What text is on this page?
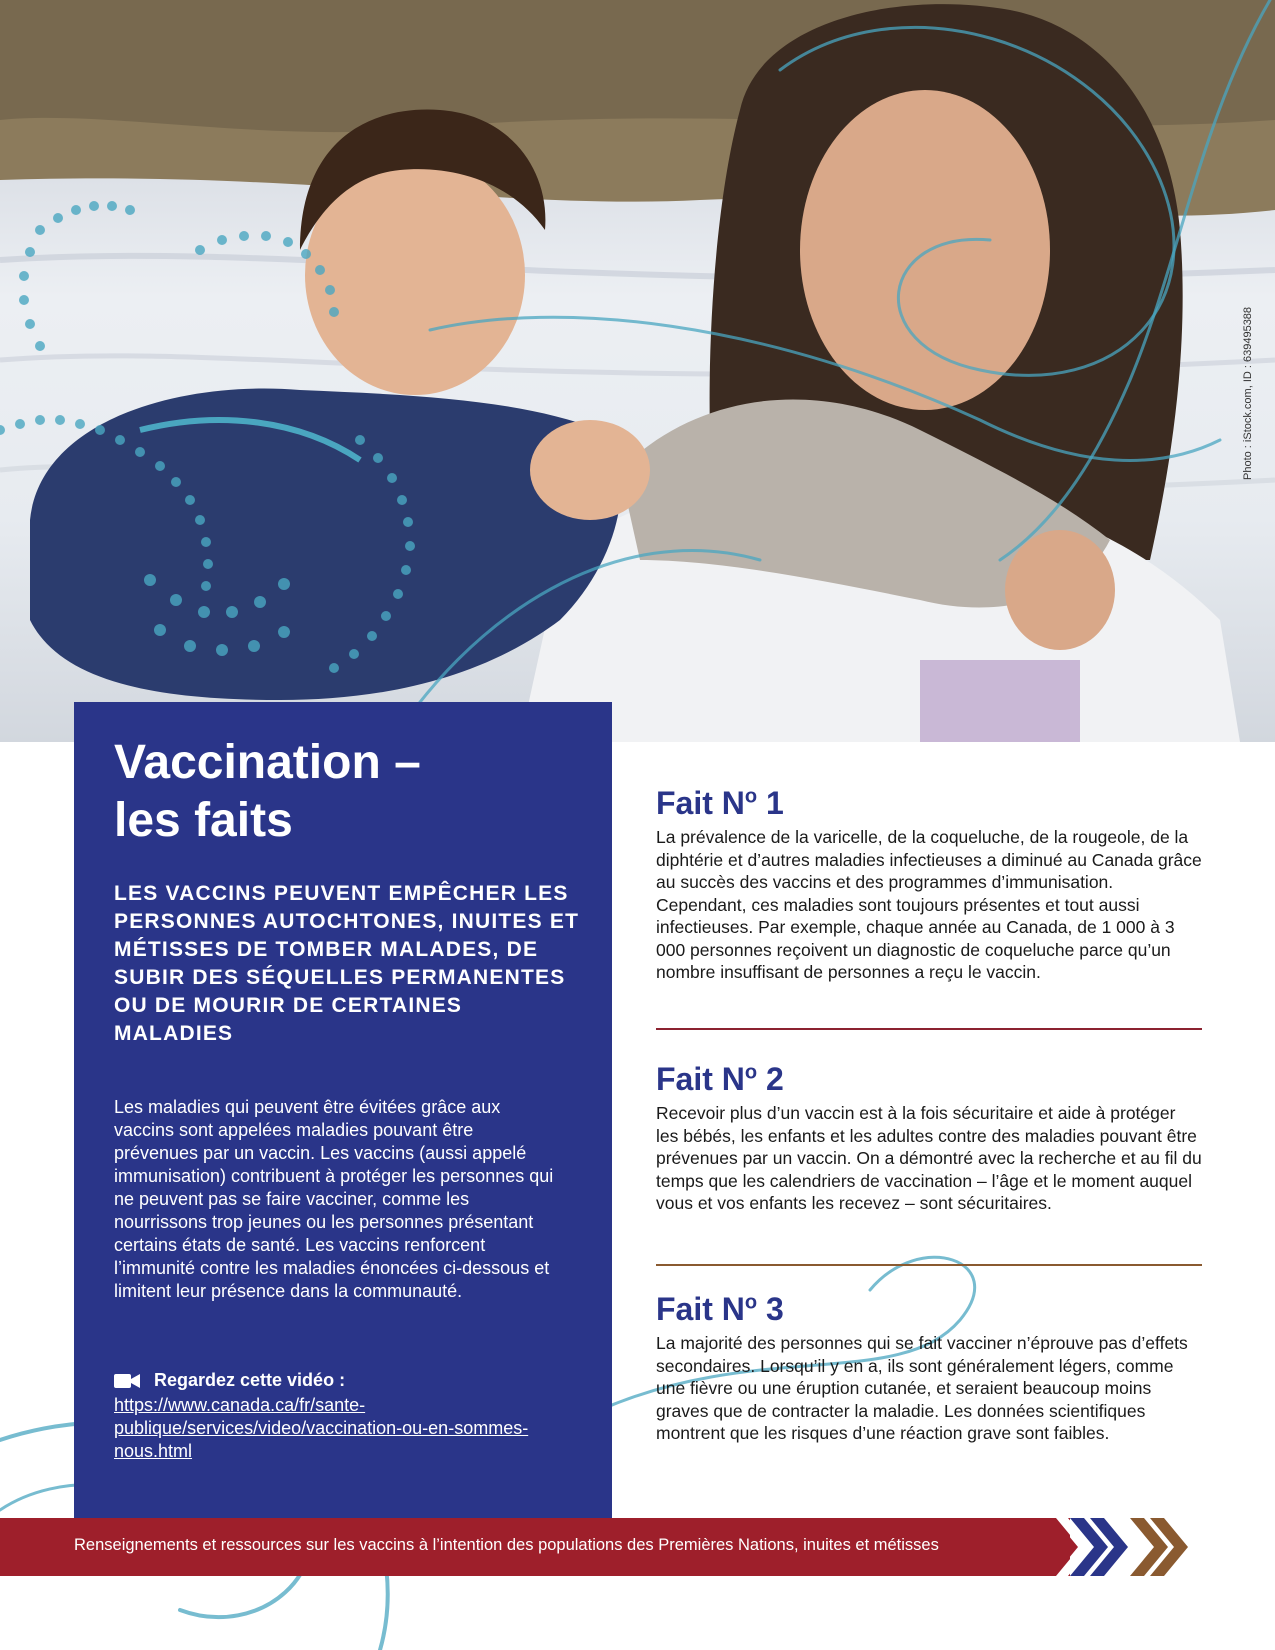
Photo : iStock.com, ID : 639495388
Vaccination –
les faits

LES VACCINS PEUVENT EMPÊCHER LES PERSONNES AUTOCHTONES, INUITES ET MÉTISSES DE TOMBER MALADES, DE SUBIR DES SÉQUELLES PERMANENTES OU DE MOURIR DE CERTAINES MALADIES

Les maladies qui peuvent être évitées grâce aux vaccins sont appelées maladies pouvant être prévenues par un vaccin. Les vaccins (aussi appelé immunisation) contribuent à protéger les personnes qui ne peuvent pas se faire vacciner, comme les nourrissons trop jeunes ou les personnes présentant certains états de santé. Les vaccins renforcent l’immunité contre les maladies énoncées ci-dessous et limitent leur présence dans la communauté.

Regardez cette vidéo :
https://www.canada.ca/fr/sante-publique/services/video/vaccination-ou-en-sommes-nous.html
Fait $N^o$ 1

La prévalence de la varicelle, de la coqueluche, de la rougeole, de la diphtérie et d’autres maladies infectieuses a diminué au Canada grâce au succès des vaccins et des programmes d’immunisation. Cependant, ces maladies sont toujours présentes et tout aussi infectieuses. Par exemple, chaque année au Canada, de 1 000 à 3 000 personnes reçoivent un diagnostic de coqueluche parce qu’un nombre insuffisant de personnes a reçu le vaccin.

Fait $N^o$ 2

Recevoir plus d’un vaccin est à la fois sécuritaire et aide à protéger les bébés, les enfants et les adultes contre des maladies pouvant être prévenues par un vaccin. On a démontré avec la recherche et au fil du temps que les calendriers de vaccination – l’âge et le moment auquel vous et vos enfants les recevez – sont sécuritaires.

Fait $N^o$ 3

La majorité des personnes qui se fait vacciner n’éprouve pas d’effets secondaires. Lorsqu’il y en a, ils sont généralement légers, comme une fièvre ou une éruption cutanée, et seraient beaucoup moins graves que de contracter la maladie. Les données scientifiques montrent que les risques d’une réaction grave sont faibles.

Renseignements et ressources sur les vaccins à l’intention des populations des Premières Nations, inuites et métisses
